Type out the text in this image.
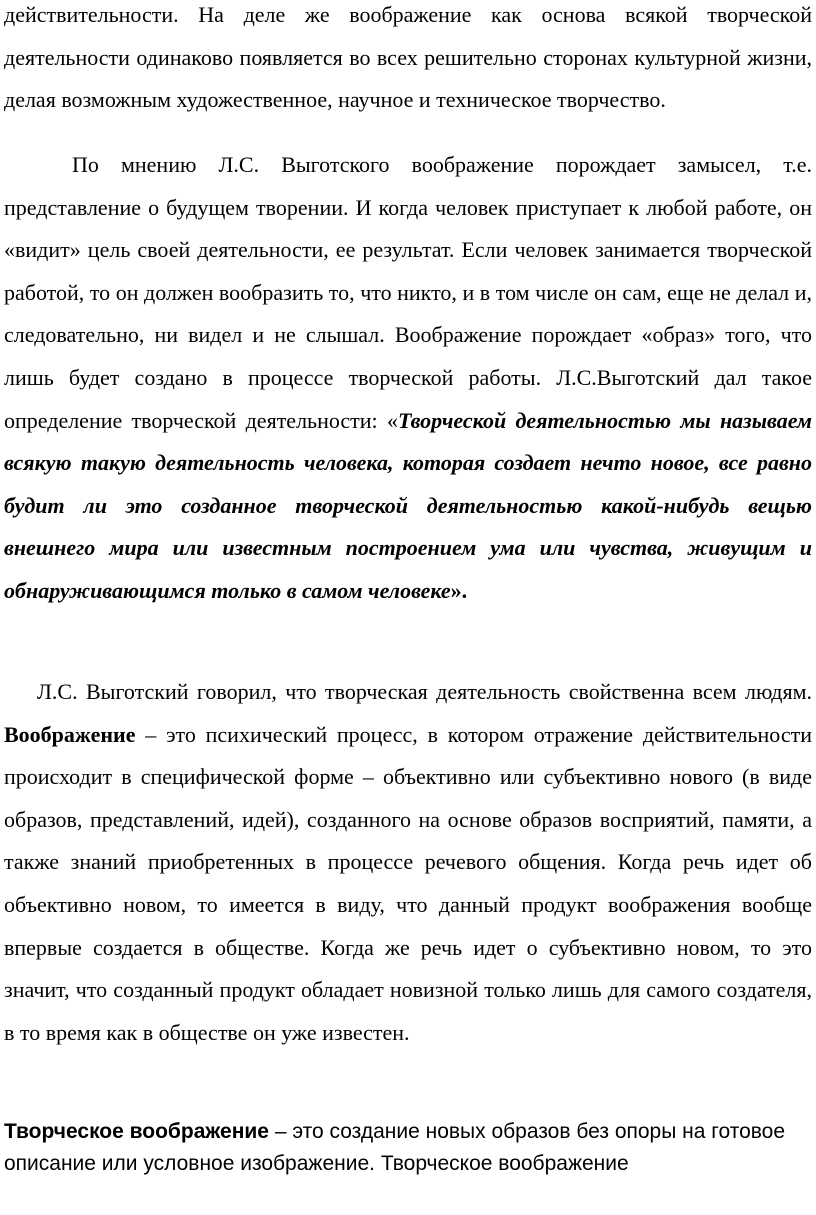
действительности. На деле же воображение как основа всякой творческой деятельности одинаково появляется во всех решительно сторонах культурной жизни, делая возможным художественное, научное и техническое творчество.

По мнению Л.С. Выготского воображение порождает замысел, т.е. представление о будущем творении. И когда человек приступает к любой работе, он «видит» цель своей деятельности, ее результат. Если человек занимается творческой работой, то он должен вообразить то, что никто, и в том числе он сам, еще не делал и, следовательно, ни видел и не слышал. Воображение порождает «образ» того, что лишь будет создано в процессе творческой работы. Л.С.Выготский дал такое определение творческой деятельности: «Творческой деятельностью мы называем всякую такую деятельность человека, которая создает нечто новое, все равно будит ли это созданное творческой деятельностью какой-нибудь вещью внешнего мира или известным построением ума или чувства, живущим и обнаруживающимся только в самом человеке».

Л.С. Выготский говорил, что творческая деятельность свойственна всем людям. Воображение – это психический процесс, в котором отражение действительности происходит в специфической форме – объективно или субъективно нового (в виде образов, представлений, идей), созданного на основе образов восприятий, памяти, а также знаний приобретенных в процессе речевого общения. Когда речь идет об объективно новом, то имеется в виду, что данный продукт воображения вообще впервые создается в обществе. Когда же речь идет о субъективно новом, то это значит, что созданный продукт обладает новизной только лишь для самого создателя, в то время как в обществе он уже известен.

Творческое воображение – это создание новых образов без опоры на готовое описание или условное изображение. Творческое воображение
